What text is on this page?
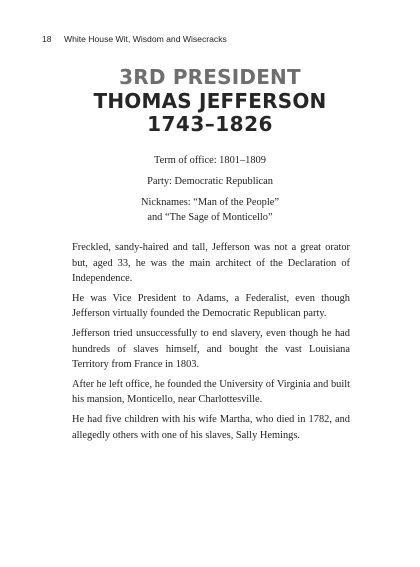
18 White House Wit, Wisdom and Wisecracks
3RD PRESIDENT
THOMAS JEFFERSON
1743–1826

Term of office: 1801–1809

Party: Democratic Republican

Nicknames: “Man of the People”

and “The Sage of Monticello”

Freckled, sandy-haired and tall, Jefferson was not a great orator but, aged 33, he was the main architect of the Declaration of Independence.

He was Vice President to Adams, a Federalist, even though Jefferson virtually founded the Democratic Republican party.

Jefferson tried unsuccessfully to end slavery, even though he had hundreds of slaves himself, and bought the vast Louisiana Territory from France in 1803.

After he left office, he founded the University of Virginia and built his mansion, Monticello, near Charlottesville.

He had five children with his wife Martha, who died in 1782, and allegedly others with one of his slaves, Sally Hemings.
